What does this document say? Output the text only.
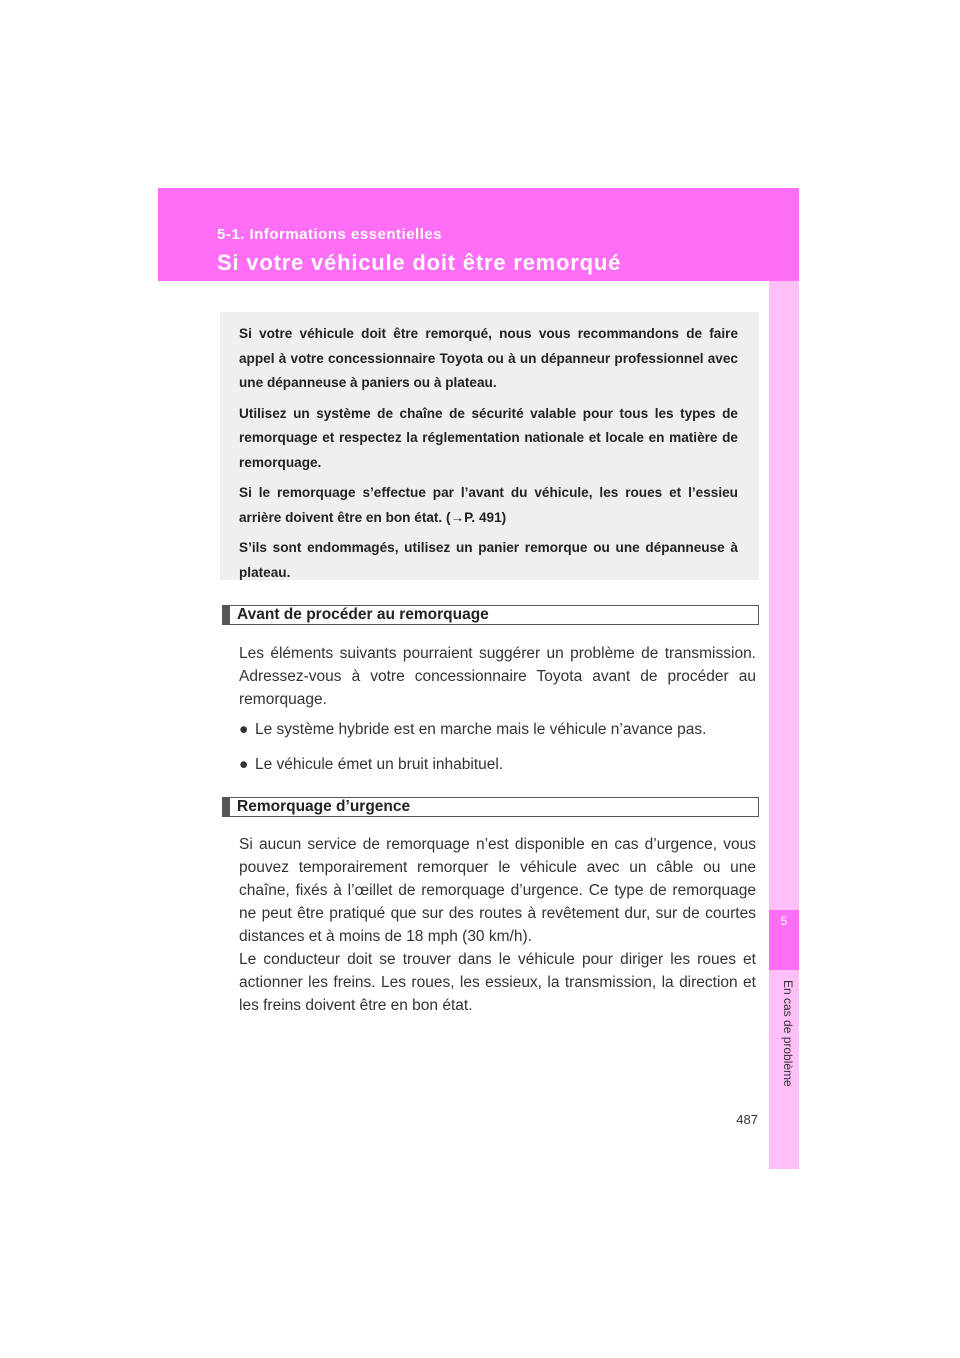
5-1. Informations essentielles
Si votre véhicule doit être remorqué
5
En cas de problème

Si votre véhicule doit être remorqué, nous vous recommandons de faire appel à votre concessionnaire Toyota ou à un dépanneur professionnel avec une dépanneuse à paniers ou à plateau.

Utilisez un système de chaîne de sécurité valable pour tous les types de remorquage et respectez la réglementation nationale et locale en matière de remorquage.

Si le remorquage s’effectue par l’avant du véhicule, les roues et l’essieu arrière doivent être en bon état. (→P. 491)

S’ils sont endommagés, utilisez un panier remorque ou une dépanneuse à plateau.

Avant de procéder au remorquage

Les éléments suivants pourraient suggérer un problème de transmission. Adressez-vous à votre concessionnaire Toyota avant de procéder au remorquage.

● Le système hybride est en marche mais le véhicule n’avance pas.
● Le véhicule émet un bruit inhabituel.
Remorquage d’urgence

Si aucun service de remorquage n’est disponible en cas d’urgence, vous pouvez temporairement remorquer le véhicule avec un câble ou une chaîne, fixés à l’œillet de remorquage d’urgence. Ce type de remorquage ne peut être pratiqué que sur des routes à revêtement dur, sur de courtes distances et à moins de 18 mph (30 km/h).

Le conducteur doit se trouver dans le véhicule pour diriger les roues et actionner les freins. Les roues, les essieux, la transmission, la direction et les freins doivent être en bon état.

487
